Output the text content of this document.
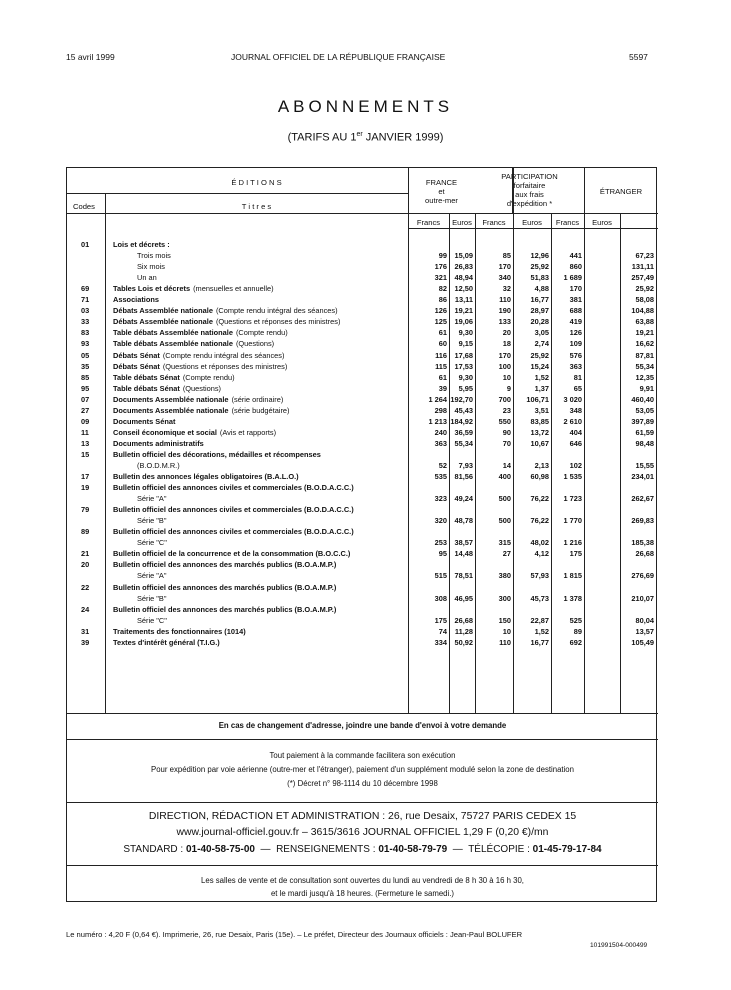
15 avril 1999	JOURNAL OFFICIEL DE LA RÉPUBLIQUE FRANÇAISE	5597
ABONNEMENTS
(TARIFS AU 1er JANVIER 1999)
É D I T I O N S
Codes	T i t r e s
FRANCE
et
outre-mer
PARTICIPATION
forfaitaire
aux frais
d'expédition *
ÉTRANGER
Francs	Euros	Francs	Euros	Francs	Euros
01	Lois et décrets :
Trois mois	99 15,09	85	12,96	441	67,23
Six mois	176 26,83	170	25,92	860	131,11
Un an	321 48,94	340	51,83 1 689	257,49
69	Tables Lois et décrets (mensuelles et annuelle)	82 12,50	32	4,88	170	25,92
71	Associations	86 13,11	110	16,77	381	58,08
03	Débats Assemblée nationale (Compte rendu intégral des séances)	126 19,21	190	28,97	688	104,88
33	Débats Assemblée nationale (Questions et réponses des ministres)	125 19,06	133	20,28	419	63,88
83	Table débats Assemblée nationale (Compte rendu)	61 9,30	20	3,05	126	19,21
93	Table débats Assemblée nationale (Questions)	60 9,15	18	2,74	109	16,62
05	Débats Sénat (Compte rendu intégral des séances)	116 17,68	170	25,92	576	87,81
35	Débats Sénat (Questions et réponses des ministres)	115 17,53	100	15,24	363	55,34
85	Table débats Sénat (Compte rendu)	61 9,30	10	1,52	81	12,35
95	Table débats Sénat (Questions)	39 5,95	9	1,37	65	9,91
07	Documents Assemblée nationale (série ordinaire)	1 264 192,70	700 106,71 3 020	460,40
27	Documents Assemblée nationale (série budgétaire)	298 45,43	23	3,51	348	53,05
09	Documents Sénat	1 213 184,92	550	83,85 2 610	397,89
11	Conseil économique et social (Avis et rapports)	240 36,59	90	13,72	404	61,59
13	Documents administratifs	363 55,34	70	10,67	646	98,48
15	Bulletin officiel des décorations, médailles et récompenses
(B.O.D.M.R.)	52 7,93	14	2,13	102	15,55
17	Bulletin des annonces légales obligatoires (B.A.L.O.)	535 81,56	400	60,98 1 535	234,01
19	Bulletin officiel des annonces civiles et commerciales (B.O.D.A.C.C.)
Série "A"	323 49,24	500	76,22 1 723	262,67
79	Bulletin officiel des annonces civiles et commerciales (B.O.D.A.C.C.)
Série "B"	320 48,78	500	76,22 1 770	269,83
89	Bulletin officiel des annonces civiles et commerciales (B.O.D.A.C.C.)
Série "C"	253 38,57	315	48,02 1 216	185,38
21	Bulletin officiel de la concurrence et de la consommation (B.O.C.C.)	95 14,48	27	4,12	175	26,68
20	Bulletin officiel des annonces des marchés publics (B.O.A.M.P.)
Série "A"	515 78,51	380	57,93 1 815	276,69
22	Bulletin officiel des annonces des marchés publics (B.O.A.M.P.)
Série "B"	308 46,95	300	45,73 1 378	210,07
24	Bulletin officiel des annonces des marchés publics (B.O.A.M.P.)
Série "C"	175 26,68	150	22,87	525	80,04
31	Traitements des fonctionnaires (1014)	74 11,28	10	1,52	89	13,57
39	Textes d'intérêt général (T.I.G.)	334 50,92	110	16,77	692	105,49
En cas de changement d'adresse, joindre une bande d'envoi à votre demande
Tout paiement à la commande facilitera son exécution
Pour expédition par voie aérienne (outre-mer et l'étranger), paiement d'un supplément modulé selon la zone de destination
(*) Décret n° 98-1114 du 10 décembre 1998
DIRECTION, RÉDACTION ET ADMINISTRATION : 26, rue Desaix, 75727 PARIS CEDEX 15
www.journal-officiel.gouv.fr – 3615/3616 JOURNAL OFFICIEL 1,29 F (0,20 €)/mn
STANDARD : 01-40-58-75-00  —  RENSEIGNEMENTS : 01-40-58-79-79  —  TÉLÉCOPIE : 01-45-79-17-84
Les salles de vente et de consultation sont ouvertes du lundi au vendredi de 8 h 30 à 16 h 30,
et le mardi jusqu'à 18 heures. (Fermeture le samedi.)
Le numéro : 4,20 F (0,64 €). Imprimerie, 26, rue Desaix, Paris (15e). – Le préfet, Directeur des Journaux officiels : Jean-Paul BOLUFER
101991504-000499
